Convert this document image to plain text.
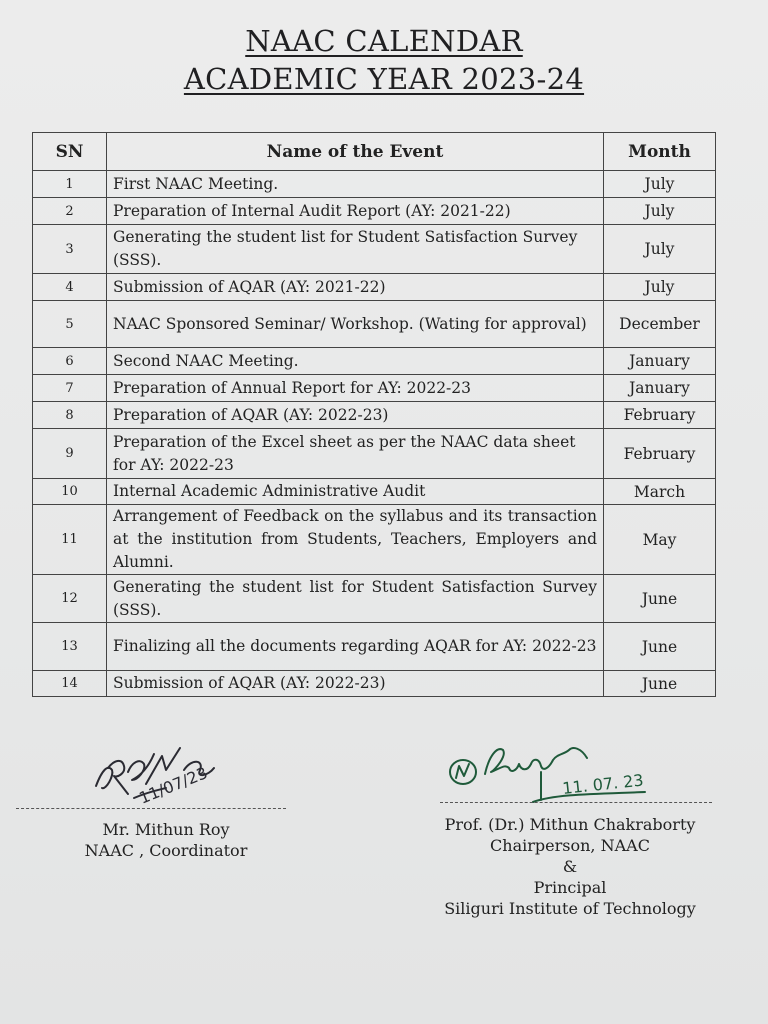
NAAC CALENDAR
ACADEMIC YEAR 2023-24
SN	Name of the Event	Month
1	First NAAC Meeting.	July
2	Preparation of Internal Audit Report (AY: 2021-22)	July
3	Generating the student list for Student Satisfaction Survey (SSS).	July
4	Submission of AQAR (AY: 2021-22)	July
5	NAAC Sponsored Seminar/ Workshop. (Wating for approval)	December
6	Second NAAC Meeting.	January
7	Preparation of Annual Report for AY: 2022-23	January
8	Preparation of AQAR (AY: 2022-23)	February
9	Preparation of the Excel sheet as per the NAAC data sheet for AY: 2022-23	February
10	Internal Academic Administrative Audit	March
11	Arrangement of Feedback on the syllabus and its transaction at the institution from Students, Teachers, Employers and Alumni.	May
12	Generating the student list for Student Satisfaction Survey (SSS).	June
13	Finalizing all the documents regarding AQAR for AY: 2022-23	June
14	Submission of AQAR (AY: 2022-23)	June
11/07/23
Mr. Mithun Roy
NAAC , Coordinator
11. 07. 23
Prof. (Dr.) Mithun Chakraborty
Chairperson, NAAC
&
Principal
Siliguri Institute of Technology
